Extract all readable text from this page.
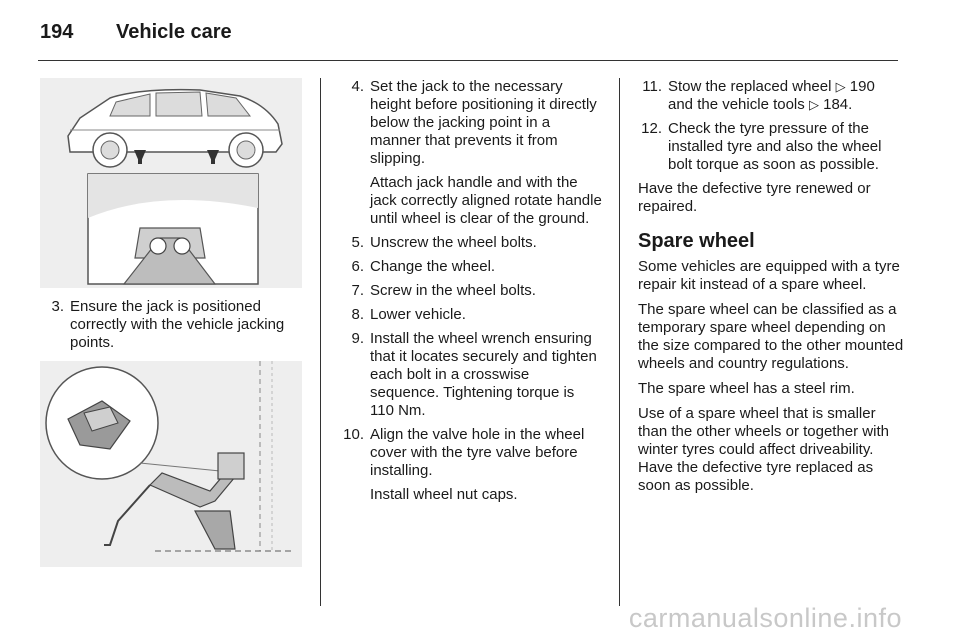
194	Vehicle care
3. Ensure the jack is positioned correctly with the vehicle jacking points.
4. Set the jack to the necessary height before positioning it directly below the jacking point in a manner that prevents it from slipping.

Attach jack handle and with the jack correctly aligned rotate handle until wheel is clear of the ground.

5. Unscrew the wheel bolts.
6. Change the wheel.
7. Screw in the wheel bolts.
8. Lower vehicle.
9. Install the wheel wrench ensuring that it locates securely and tighten each bolt in a crosswise sequence. Tightening torque is 110 Nm.
10. Align the valve hole in the wheel cover with the tyre valve before installing.

Install wheel nut caps.

11. Stow the replaced wheel ▷ 190
and the vehicle tools ▷ 184.
12. Check the tyre pressure of the installed tyre and also the wheel bolt torque as soon as possible.

Have the defective tyre renewed or repaired.

Spare wheel

Some vehicles are equipped with a tyre repair kit instead of a spare wheel.

The spare wheel can be classified as a temporary spare wheel depending on the size compared to the other mounted wheels and country regulations.

The spare wheel has a steel rim.

Use of a spare wheel that is smaller than the other wheels or together with winter tyres could affect driveability. Have the defective tyre replaced as soon as possible.

carmanualsonline.info
